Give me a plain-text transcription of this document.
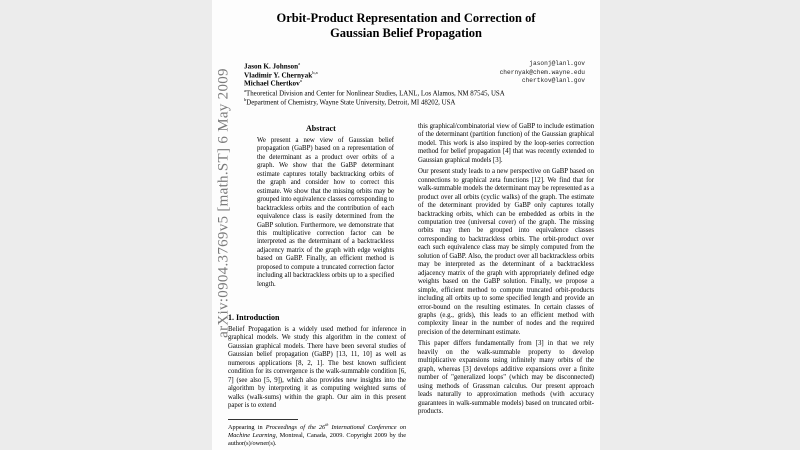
arXiv:0904.3769v5 [math.ST] 6 May 2009
Orbit-Product Representation and Correction of
Gaussian Belief Propagation
Jason K. Johnson$^a$
Vladimir Y. Chernyak$^{b,a}$
Michael Chertkov$^a$
jasonj@lanl.gov
chernyak@chem.wayne.edu
chertkov@lanl.gov
$^a$Theoretical Division and Center for Nonlinear Studies, LANL, Los Alamos, NM 87545, USA
$^b$Department of Chemistry, Wayne State University, Detroit, MI 48202, USA
Abstract
We present a new view of Gaussian belief propagation (GaBP) based on a representation of the determinant as a product over orbits of a graph. We show that the GaBP determinant estimate captures totally backtracking orbits of the graph and consider how to correct this estimate. We show that the missing orbits may be grouped into equivalence classes corresponding to backtrackless orbits and the contribution of each equivalence class is easily determined from the GaBP solution. Furthermore, we demonstrate that this multiplicative correction factor can be interpreted as the determinant of a backtrackless adjacency matrix of the graph with edge weights based on GaBP. Finally, an efficient method is proposed to compute a truncated correction factor including all backtrackless orbits up to a specified length.
1. Introduction
Belief Propagation is a widely used method for inference in graphical models. We study this algorithm in the context of Gaussian graphical models. There have been several studies of Gaussian belief propagation (GaBP) [13, 11, 10] as well as numerous applications [8, 2, 1]. The best known sufficient condition for its convergence is the walk-summable condition [6, 7] (see also [5, 9]), which also provides new insights into the algorithm by interpreting it as computing weighted sums of walks (walk-sums) within the graph. Our aim in this present paper is to extend
Appearing in Proceedings of the 26th International Conference on Machine Learning, Montreal, Canada, 2009. Copyright 2009 by the author(s)/owner(s).

this graphical/combinatorial view of GaBP to include estimation of the determinant (partition function) of the Gaussian graphical model. This work is also inspired by the loop-series correction method for belief propagation [4] that was recently extended to Gaussian graphical models [3].

Our present study leads to a new perspective on GaBP based on connections to graphical zeta functions [12]. We find that for walk-summable models the determinant may be represented as a product over all orbits (cyclic walks) of the graph. The estimate of the determinant provided by GaBP only captures totally backtracking orbits, which can be embedded as orbits in the computation tree (universal cover) of the graph. The missing orbits may then be grouped into equivalence classes corresponding to backtrackless orbits. The orbit-product over each such equivalence class may be simply computed from the solution of GaBP. Also, the product over all backtrackless orbits may be interpreted as the determinant of a backtrackless adjacency matrix of the graph with appropriately defined edge weights based on the GaBP solution. Finally, we propose a simple, efficient method to compute truncated orbit-products including all orbits up to some specified length and provide an error-bound on the resulting estimates. In certain classes of graphs (e.g., grids), this leads to an efficient method with complexity linear in the number of nodes and the required precision of the determinant estimate.

This paper differs fundamentally from [3] in that we rely heavily on the walk-summable property to develop multiplicative expansions using infinitely many orbits of the graph, whereas [3] develops additive expansions over a finite number of "generalized loops" (which may be disconnected) using methods of Grassman calculus. Our present approach leads naturally to approximation methods (with accuracy guarantees in walk-summable models) based on truncated orbit-products.
